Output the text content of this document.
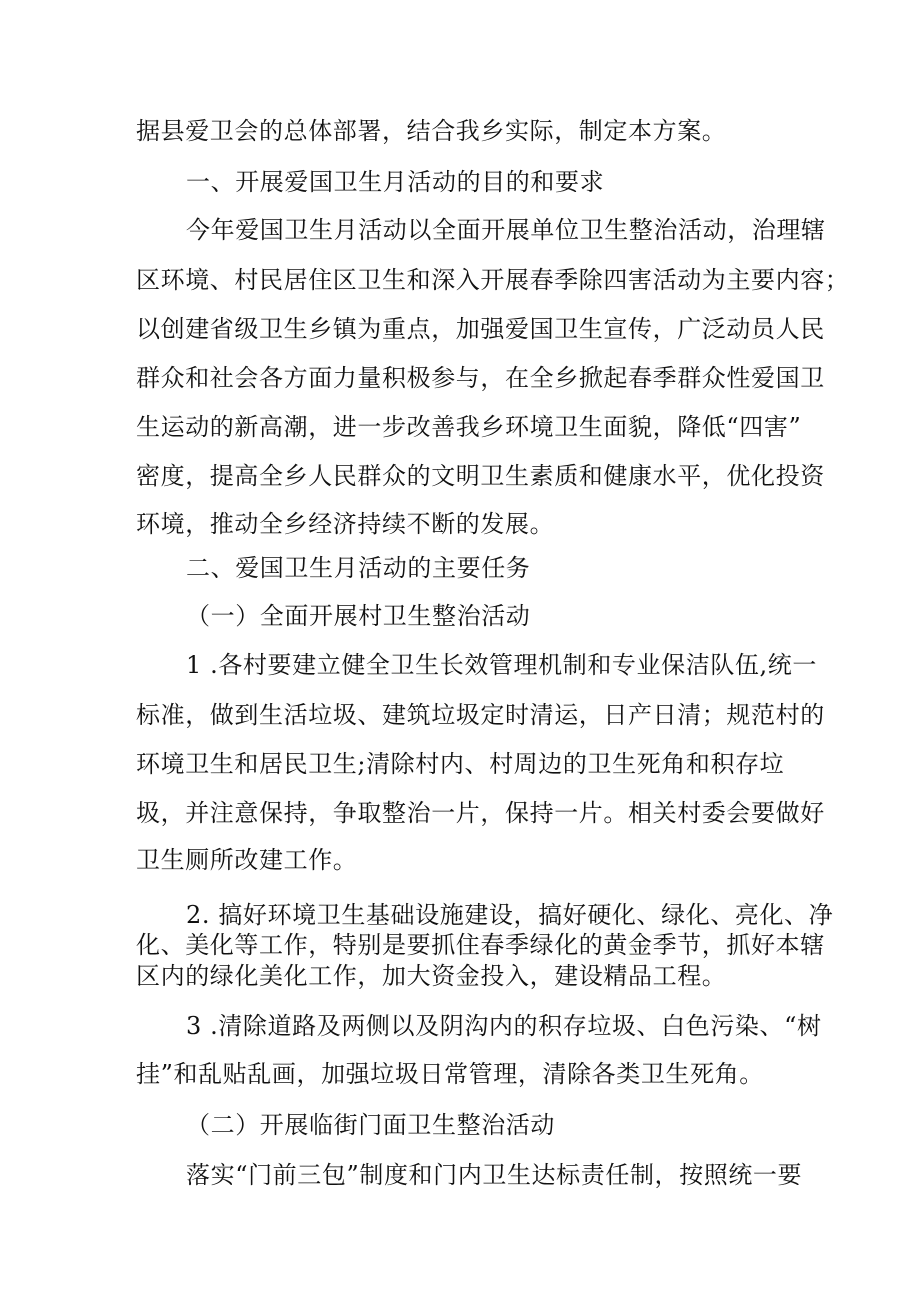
据县爱卫会的总体部署，结合我乡实际，制定本方案。
一、开展爱国卫生月活动的目的和要求
今年爱国卫生月活动以全面开展单位卫生整治活动，治理辖
区环境、村民居住区卫生和深入开展春季除四害活动为主要内容；
以创建省级卫生乡镇为重点，加强爱国卫生宣传，广泛动员人民
群众和社会各方面力量积极参与，在全乡掀起春季群众性爱国卫
生运动的新高潮，进一步改善我乡环境卫生面貌，降低“四害”
密度，提高全乡人民群众的文明卫生素质和健康水平，优化投资
环境，推动全乡经济持续不断的发展。
二、爱国卫生月活动的主要任务
（一）全面开展村卫生整治活动
1 .各村要建立健全卫生长效管理机制和专业保洁队伍,统一
标准，做到生活垃圾、建筑垃圾定时清运，日产日清；规范村的
环境卫生和居民卫生;清除村内、村周边的卫生死角和积存垃
圾，并注意保持，争取整治一片，保持一片。相关村委会要做好
卫生厕所改建工作。
2. 搞好环境卫生基础设施建设，搞好硬化、绿化、亮化、净
化、美化等工作，特别是要抓住春季绿化的黄金季节，抓好本辖
区内的绿化美化工作，加大资金投入，建设精品工程。
3 .清除道路及两侧以及阴沟内的积存垃圾、白色污染、“树
挂”和乱贴乱画，加强垃圾日常管理，清除各类卫生死角。
（二）开展临街门面卫生整治活动
落实“门前三包”制度和门内卫生达标责任制，按照统一要
